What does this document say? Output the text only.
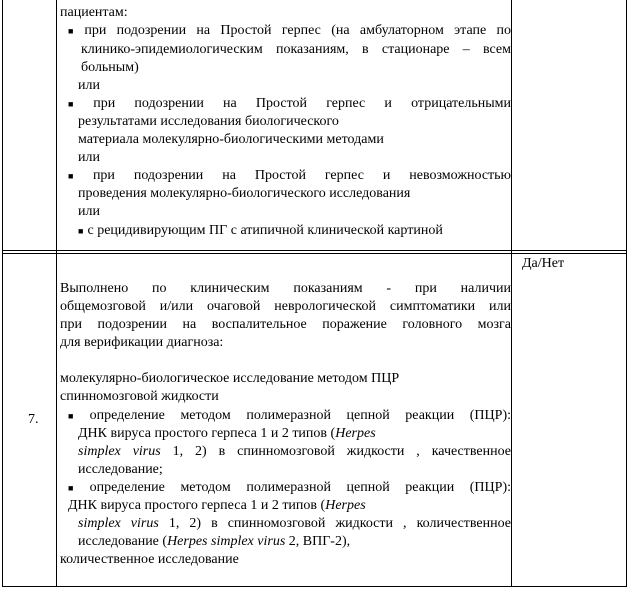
пациентам:
■ при подозрении на Простой герпес (на амбулаторном этапе по
клинико-эпидемиологическим показаниям, в стационаре – всем
больным)
или
■ при подозрении на Простой герпес и отрицательными
результатами исследования биологического
материала молекулярно-биологическими методами
или
■ при подозрении на Простой герпес и невозможностью
проведения молекулярно-биологического исследования
или
■ с рецидивирующим ПГ с атипичной клинической картиной
7.
Да/Нет
Выполнено по клиническим показаниям - при наличии
общемозговой и/или очаговой неврологической симптоматики или
при подозрении на воспалительное поражение головного мозга
для верификации диагноза:
молекулярно-биологическое исследование методом ПЦР
спинномозговой жидкости
■ определение методом полимеразной цепной реакции (ПЦР):
ДНК вируса простого герпеса 1 и 2 типов (Herpes
simplex virus 1, 2) в спинномозговой жидкости , качественное
исследование;
■ определение методом полимеразной цепной реакции (ПЦР):
ДНК вируса простого герпеса 1 и 2 типов (Herpes
simplex virus 1, 2) в спинномозговой жидкости , количественное
исследование (Herpes simplex virus 2, ВПГ-2),
количественное исследование
